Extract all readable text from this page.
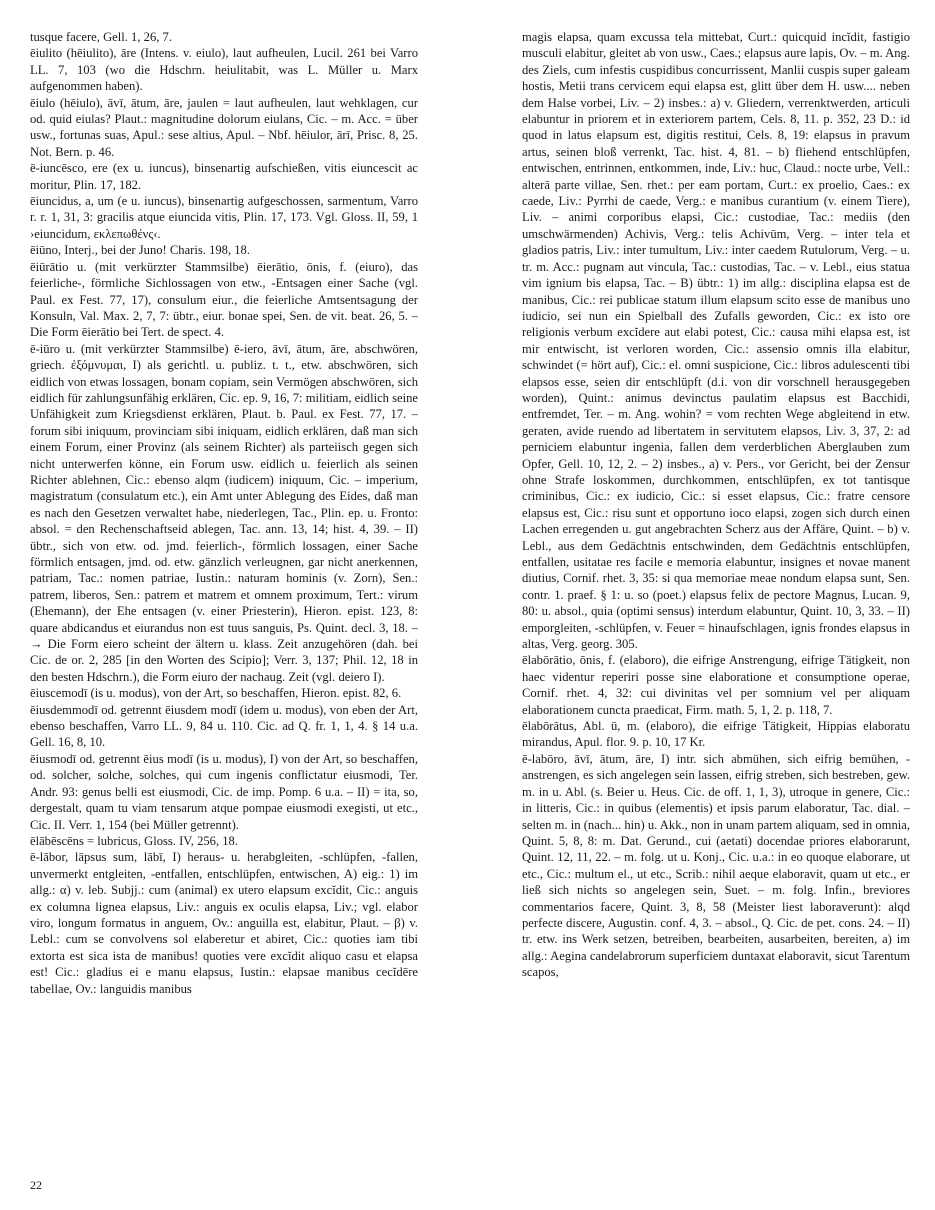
tusque facere, Gell. 1, 26, 7.

ēiulito (hēiulito), āre (Intens. v. eiulo), laut aufheulen, Lucil. 261 bei Varro LL. 7, 103 (wo die Hdschrn. heiulitabit, was L. Müller u. Marx aufgenommen haben).

ēiulo (hēiulo), āvī, ātum, āre, jaulen = laut aufheulen, laut wehklagen, cur od. quid eiulas? Plaut.: magnitudine dolorum eiulans, Cic. – m. Acc. = über usw., fortunas suas, Apul.: sese altius, Apul. – Nbf. hēiulor, ārī, Prisc. 8, 25. Not. Bern. p. 46.

ē-iuncēsco, ere (ex u. iuncus), binsenartig aufschießen, vitis eiuncescit ac moritur, Plin. 17, 182.

ēiuncidus, a, um (e u. iuncus), binsenartig aufgeschossen, sarmentum, Varro r. r. 1, 31, 3: gracilis atque eiuncida vitis, Plin. 17, 173. Vgl. Gloss. II, 59, 1 ›eiuncidum, εκλεπωθένς‹.

ēiūno, Interj., bei der Juno! Charis. 198, 18.

ēiūrātio u. (mit verkürzter Stammsilbe) ēierātio, ōnis, f. (eiuro), das feierliche-, förmliche Sichlossagen von etw., -Entsagen einer Sache (vgl. Paul. ex Fest. 77, 17), consulum eiur., die feierliche Amtsentsagung der Konsuln, Val. Max. 2, 7, 7: übtr., eiur. bonae spei, Sen. de vit. beat. 26, 5. – Die Form ēierātio bei Tert. de spect. 4.

ē-iūro u. (mit verkürzter Stammsilbe) ē-iero, āvī, ātum, āre, abschwören, griech. ἐξόμνυμαι, I) als gerichtl. u. publiz. t. t., etw. abschwören, sich eidlich von etwas lossagen, bonam copiam, sein Vermögen abschwören, sich eidlich für zahlungsunfähig erklären, Cic. ep. 9, 16, 7: militiam, eidlich seine Unfähigkeit zum Kriegsdienst erklären, Plaut. b. Paul. ex Fest. 77, 17. – forum sibi iniquum, provinciam sibi iniquam, eidlich erklären, daß man sich einem Forum, einer Provinz (als seinem Richter) als parteiisch gegen sich nicht unterwerfen könne, ein Forum usw. eidlich u. feierlich als seinen Richter ablehnen, Cic.: ebenso alqm (iudicem) iniquum, Cic. – imperium, magistratum (consulatum etc.), ein Amt unter Ablegung des Eides, daß man es nach den Gesetzen verwaltet habe, niederlegen, Tac., Plin. ep. u. Fronto: absol. = den Rechenschaftseid ablegen, Tac. ann. 13, 14; hist. 4, 39. – II) übtr., sich von etw. od. jmd. feierlich-, förmlich lossagen, einer Sache förmlich entsagen, jmd. od. etw. gänzlich verleugnen, gar nicht anerkennen, patriam, Tac.: nomen patriae, Iustin.: naturam hominis (v. Zorn), Sen.: patrem, liberos, Sen.: patrem et matrem et omnem proximum, Tert.: virum (Ehemann), der Ehe entsagen (v. einer Priesterin), Hieron. epist. 123, 8: quare abdicandus et eiurandus non est tuus sanguis, Ps. Quint. decl. 3, 18. – → Die Form eiero scheint der ältern u. klass. Zeit anzugehören (dah. bei Cic. de or. 2, 285 [in den Worten des Scipio]; Verr. 3, 137; Phil. 12, 18 in den besten Hdschrn.), die Form eiuro der nachaug. Zeit (vgl. deiero I).

ēiuscemodī (is u. modus), von der Art, so beschaffen, Hieron. epist. 82, 6.

ēiusdemmodī od. getrennt ēiusdem modī (idem u. modus), von eben der Art, ebenso beschaffen, Varro LL. 9, 84 u. 110. Cic. ad Q. fr. 1, 1, 4. § 14 u.a. Gell. 16, 8, 10.

ēiusmodī od. getrennt ēius modī (is u. modus), I) von der Art, so beschaffen, od. solcher, solche, solches, qui cum ingenis conflictatur eiusmodi, Ter. Andr. 93: genus belli est eiusmodi, Cic. de imp. Pomp. 6 u.a. – II) = ita, so, dergestalt, quam tu viam tensarum atque pompae eiusmodi exegisti, ut etc., Cic. II. Verr. 1, 154 (bei Müller getrennt).

ēlābēscēns = lubricus, Gloss. IV, 256, 18.

ē-lābor, lāpsus sum, lābī, I) heraus- u. herabgleiten, -schlüpfen, -fallen, unvermerkt entgleiten, -entfallen, entschlüpfen, entwischen, A) eig.: 1) im allg.: α) v. leb. Subjj.: cum (animal) ex utero elapsum excĭdit, Cic.: anguis ex columna lignea elapsus, Liv.: anguis ex oculis elapsa, Liv.; vgl. elabor viro, longum formatus in anguem, Ov.: anguilla est, elabitur, Plaut. – β) v. Lebl.: cum se convolvens sol elaberetur et abiret, Cic.: quoties iam tibi extorta est sica ista de manibus! quoties vere excĭdit aliquo casu et elapsa est! Cic.: gladius ei e manu elapsus, Iustin.: elapsae manibus cecĭdēre tabellae, Ov.: languidis manibus

magis elapsa, quam excussa tela mittebat, Curt.: quicquid incĭdit, fastigio musculi elabitur, gleitet ab von usw., Caes.; elapsus aure lapis, Ov. – m. Ang. des Ziels, cum infestis cuspidibus concurrissent, Manlii cuspis super galeam hostis, Metii trans cervicem equi elapsa est, glitt über dem H. usw.... neben dem Halse vorbei, Liv. – 2) insbes.: a) v. Gliedern, verrenktwerden, articuli elabuntur in priorem et in exteriorem partem, Cels. 8, 11. p. 352, 23 D.: id quod in latus elapsum est, digitis restitui, Cels. 8, 19: elapsus in pravum artus, seinen bloß verrenkt, Tac. hist. 4, 81. – b) fliehend entschlüpfen, entwischen, entrinnen, entkommen, inde, Liv.: huc, Claud.: nocte urbe, Vell.: alterā parte villae, Sen. rhet.: per eam portam, Curt.: ex proelio, Caes.: ex caede, Liv.: Pyrrhi de caede, Verg.: e manibus curantium (v. einem Tiere), Liv. – animi corporibus elapsi, Cic.: custodiae, Tac.: mediis (den umschwärmenden) Achivis, Verg.: telis Achivūm, Verg. – inter tela et gladios patris, Liv.: inter tumultum, Liv.: inter caedem Rutulorum, Verg. – u. tr. m. Acc.: pugnam aut vincula, Tac.: custodias, Tac. – v. Lebl., eius statua vim ignium bis elapsa, Tac. – B) übtr.: 1) im allg.: disciplina elapsa est de manibus, Cic.: rei publicae statum illum elapsum scito esse de manibus uno iudicio, sei nun ein Spielball des Zufalls geworden, Cic.: ex isto ore religionis verbum excĭdere aut elabi potest, Cic.: causa mihi elapsa est, ist mir entwischt, ist verloren worden, Cic.: assensio omnis illa elabitur, schwindet (= hört auf), Cic.: el. omni suspicione, Cic.: libros adulescenti tibi elapsos esse, seien dir entschlüpft (d.i. von dir vorschnell herausgegeben worden), Quint.: animus devinctus paulatim elapsus est Bacchidi, entfremdet, Ter. – m. Ang. wohin? = vom rechten Wege abgleitend in etw. geraten, avide ruendo ad libertatem in servitutem elapsos, Liv. 3, 37, 2: ad perniciem elabuntur ingenia, fallen dem verderblichen Aberglauben zum Opfer, Gell. 10, 12, 2. – 2) insbes., a) v. Pers., vor Gericht, bei der Zensur ohne Strafe loskommen, durchkommen, entschlüpfen, ex tot tantisque criminibus, Cic.: ex iudicio, Cic.: si esset elapsus, Cic.: fratre censore elapsus est, Cic.: risu sunt et opportuno ioco elapsi, zogen sich durch einen Lachen erregenden u. gut angebrachten Scherz aus der Affäre, Quint. – b) v. Lebl., aus dem Gedächtnis entschwinden, dem Gedächtnis entschlüpfen, entfallen, usitatae res facile e memoria elabuntur, insignes et novae manent diutius, Cornif. rhet. 3, 35: si qua memoriae meae nondum elapsa sunt, Sen. contr. 1. praef. § 1: u. so (poet.) elapsus felix de pectore Magnus, Lucan. 9, 80: u. absol., quia (optimi sensus) interdum elabuntur, Quint. 10, 3, 33. – II) emporgleiten, -schlüpfen, v. Feuer = hinaufschlagen, ignis frondes elapsus in altas, Verg. georg. 305.

ēlabōrātio, ōnis, f. (elaboro), die eifrige Anstrengung, eifrige Tätigkeit, non haec videntur reperiri posse sine elaboratione et consumptione operae, Cornif. rhet. 4, 32: cui divinitas vel per somnium vel per aliquam elaborationem cuncta praedicat, Firm. math. 5, 1, 2. p. 118, 7.

ēlabōrātus, Abl. ū, m. (elaboro), die eifrige Tätigkeit, Hippias elaboratu mirandus, Apul. flor. 9. p. 10, 17 Kr.

ē-labōro, āvī, ātum, āre, I) intr. sich abmühen, sich eifrig bemühen, -anstrengen, es sich angelegen sein lassen, eifrig streben, sich bestreben, gew. m. in u. Abl. (s. Beier u. Heus. Cic. de off. 1, 1, 3), utroque in genere, Cic.: in litteris, Cic.: in quibus (elementis) et ipsis parum elaboratur, Tac. dial. – selten m. in (nach... hin) u. Akk., non in unam partem aliquam, sed in omnia, Quint. 5, 8, 8: m. Dat. Gerund., cui (aetati) docendae priores elaborarunt, Quint. 12, 11, 22. – m. folg. ut u. Konj., Cic. u.a.: in eo quoque elaborare, ut etc., Cic.: multum el., ut etc., Scrib.: nihil aeque elaboravit, quam ut etc., er ließ sich nichts so angelegen sein, Suet. – m. folg. Infin., breviores commentarios facere, Quint. 3, 8, 58 (Meister liest laboraverunt): alqd perfecte discere, Augustin. conf. 4, 3. – absol., Q. Cic. de pet. cons. 24. – II) tr. etw. ins Werk setzen, betreiben, bearbeiten, ausarbeiten, bereiten, a) im allg.: Aegina candelabrorum superficiem duntaxat elaboravit, sicut Tarentum scapos,

22
